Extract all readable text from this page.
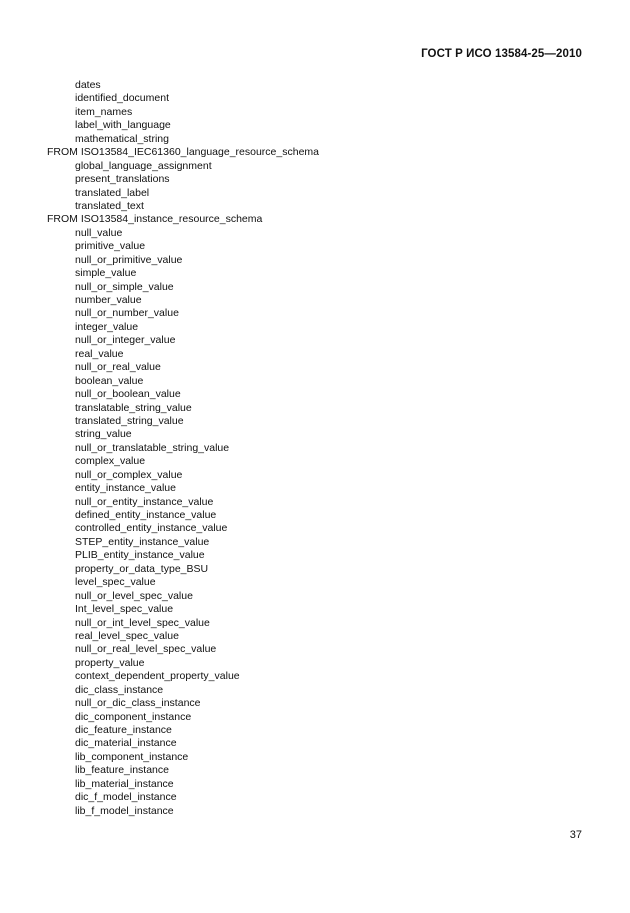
ГОСТ Р ИСО 13584-25—2010
dates
identified_document
item_names
label_with_language
mathematical_string
FROM ISO13584_IEC61360_language_resource_schema
global_language_assignment
present_translations
translated_label
translated_text
FROM ISO13584_instance_resource_schema
null_value
primitive_value
null_or_primitive_value
simple_value
null_or_simple_value
number_value
null_or_number_value
integer_value
null_or_integer_value
real_value
null_or_real_value
boolean_value
null_or_boolean_value
translatable_string_value
translated_string_value
string_value
null_or_translatable_string_value
complex_value
null_or_complex_value
entity_instance_value
null_or_entity_instance_value
defined_entity_instance_value
controlled_entity_instance_value
STEP_entity_instance_value
PLIB_entity_instance_value
property_or_data_type_BSU
level_spec_value
null_or_level_spec_value
Int_level_spec_value
null_or_int_level_spec_value
real_level_spec_value
null_or_real_level_spec_value
property_value
context_dependent_property_value
dic_class_instance
null_or_dic_class_instance
dic_component_instance
dic_feature_instance
dic_material_instance
lib_component_instance
lib_feature_instance
lib_material_instance
dic_f_model_instance
lib_f_model_instance
37
